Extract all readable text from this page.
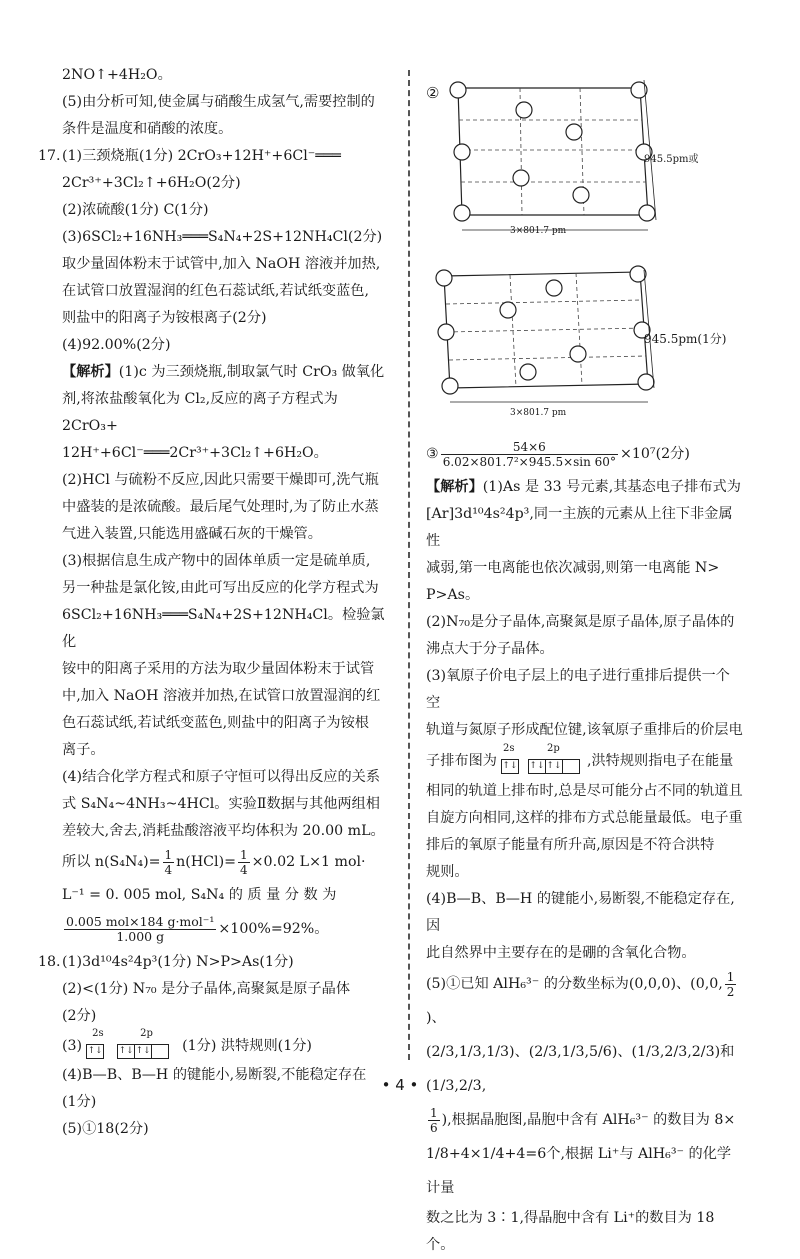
2NO↑+4H₂O。
(5)由分析可知,使金属与硝酸生成氢气,需要控制的
条件是温度和硝酸的浓度。
17.(1)三颈烧瓶(1分) 2CrO₃+12H⁺+6Cl⁻═══
2Cr³⁺+3Cl₂↑+6H₂O(2分)
(2)浓硫酸(1分) C(1分)
(3)6SCl₂+16NH₃═══S₄N₄+2S+12NH₄Cl(2分)
取少量固体粉末于试管中,加入 NaOH 溶液并加热,
在试管口放置湿润的红色石蕊试纸,若试纸变蓝色,
则盐中的阳离子为铵根离子(2分)
(4)92.00%(2分)
【解析】(1)c 为三颈烧瓶,制取氯气时 CrO₃ 做氧化
剂,将浓盐酸氧化为 Cl₂,反应的离子方程式为 2CrO₃+
12H⁺+6Cl⁻═══2Cr³⁺+3Cl₂↑+6H₂O。
(2)HCl 与硫粉不反应,因此只需要干燥即可,洗气瓶
中盛装的是浓硫酸。最后尾气处理时,为了防止水蒸
气进入装置,只能选用盛碱石灰的干燥管。
(3)根据信息生成产物中的固体单质一定是硫单质,
另一种盐是氯化铵,由此可写出反应的化学方程式为
6SCl₂+16NH₃═══S₄N₄+2S+12NH₄Cl。检验氯化
铵中的阳离子采用的方法为取少量固体粉末于试管
中,加入 NaOH 溶液并加热,在试管口放置湿润的红
色石蕊试纸,若试纸变蓝色,则盐中的阳离子为铵根
离子。
(4)结合化学方程式和原子守恒可以得出反应的关系
式 S₄N₄~4NH₃~4HCl。实验Ⅱ数据与其他两组相
差较大,舍去,消耗盐酸溶液平均体积为 20.00 mL。
所以 $n(S_4N_4)= \frac{1}{4} n(HCl)= \frac{1}{4} \times 0.02$ L×1 mol·
L⁻¹ = 0. 005 mol, S₄N₄ 的 质 量 分 数 为
$\frac{\text{0.005 mol×184 g·mol⁻¹}}{1.000 g} \times 100\%=92\%$。
18.(1)3d¹⁰4s²4p³(1分) N>P>As(1分)
(2)<(1分) N₇₀ 是分子晶体,高聚氮是原子晶体
(2分)
(3)
2s	2p
↑↓ ↑↓ ↑↓ (1分) 洪特规则(1分)
(4)B—B、B—H 的键能小,易断裂,不能稳定存在
(1分)
(5)①18(2分)
②
945.5pm或
3×801.7 pm
945.5pm(1分)
3×801.7 pm
③ $\frac{54\times 6}{\text{6.02×801.7²×945.5×sin 60°}} \times 10^7(2$分)
【解析】(1)As 是 33 号元素,其基态电子排布式为
[Ar]3d¹⁰4s²4p³,同一主族的元素从上往下非金属性
减弱,第一电离能也依次减弱,则第一电离能 N>
P>As。
(2)N₇₀是分子晶体,高聚氮是原子晶体,原子晶体的
沸点大于分子晶体。
(3)氧原子价电子层上的电子进行重排后提供一个空
轨道与氮原子形成配位键,该氧原子重排后的价层电
子排布图为
2s	2p
↑↓ ↑↓ ↑↓ ,洪特规则指电子在能量
相同的轨道上排布时,总是尽可能分占不同的轨道且
自旋方向相同,这样的排布方式总能量最低。电子重
排后的氧原子能量有所升高,原因是不符合洪特
规则。
(4)B—B、B—H 的键能小,易断裂,不能稳定存在,因
此自然界中主要存在的是硼的含氧化合物。
(5)①已知 AlH₆³⁻ 的分数坐标为(0,0,0)、(0,0, $\frac{1}{2}$
)、
(2/3,1/3,1/3)、(2/3,1/3,5/6)、(1/3,2/3,2/3)和(1/3,2/3,
$\frac{1}{6}$ ),根据晶胞图,晶胞中含有 AlH₆³⁻ 的数目为 8×
1/8+4×1/4+4=6个,根据 Li⁺与 AlH₆³⁻ 的化学计量
数之比为 3∶1,得晶胞中含有 Li⁺的数目为 18 个。
• 4 •
